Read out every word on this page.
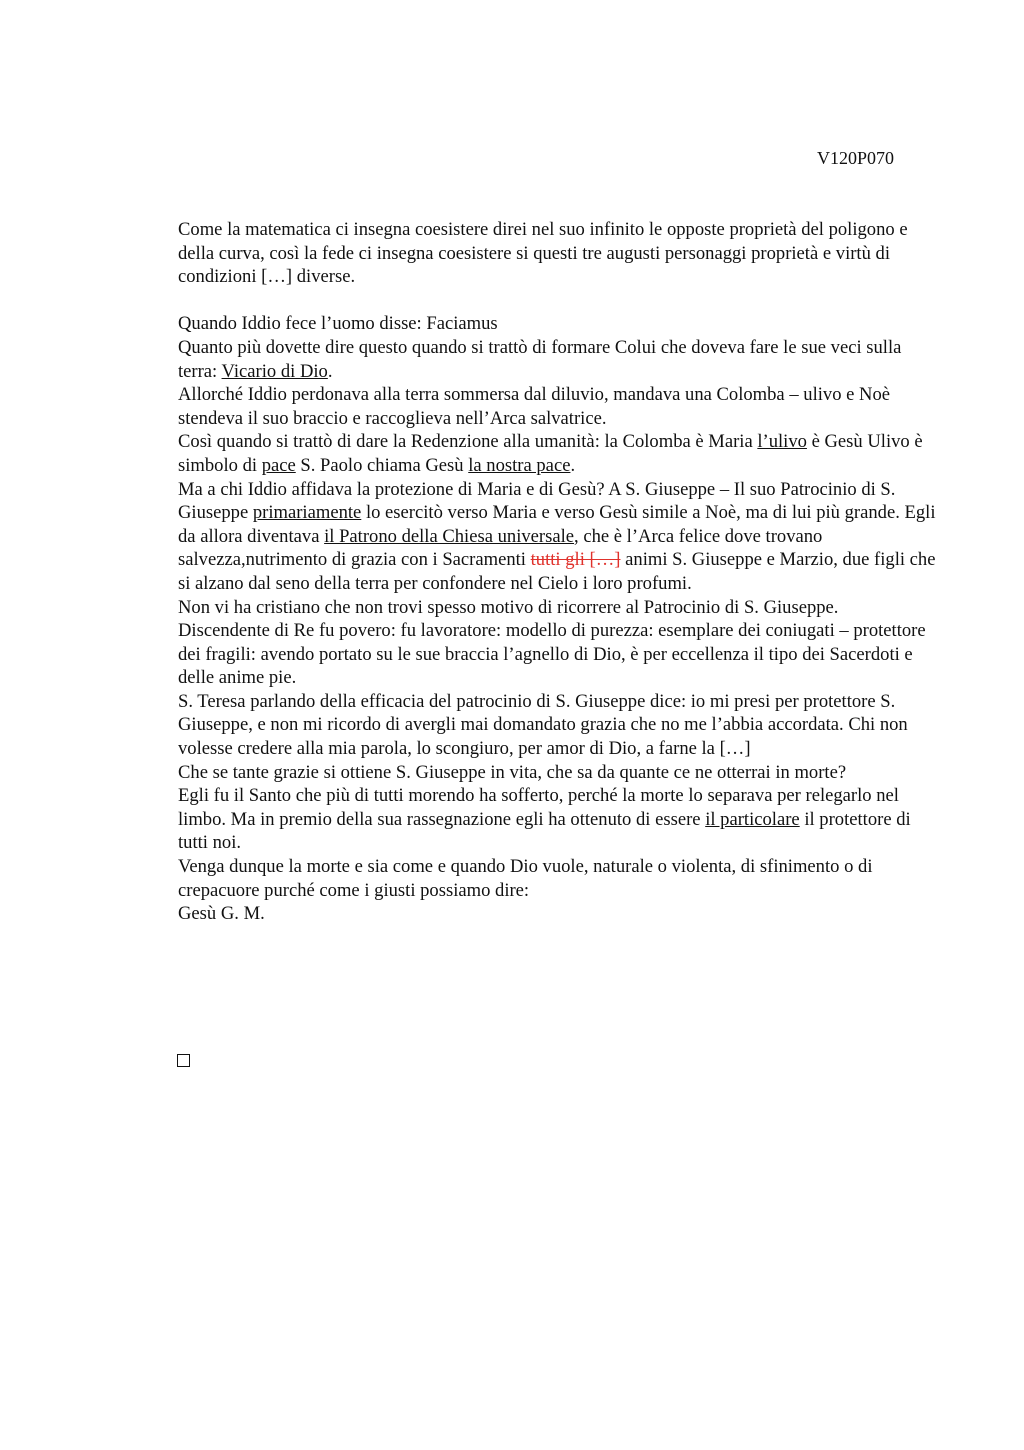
V120P070

Come la matematica ci insegna coesistere direi nel suo infinito le opposte proprietà del poligono e della curva, così la fede ci insegna coesistere si questi tre augusti personaggi proprietà e virtù di condizioni […] diverse.

Quando Iddio fece l’uomo disse: Faciamus

Quanto più dovette dire questo quando si trattò di formare Colui che doveva fare le sue veci sulla terra: Vicario di Dio.

Allorché Iddio perdonava alla terra sommersa dal diluvio, mandava una Colomba – ulivo e Noè stendeva il suo braccio e raccoglieva nell’Arca salvatrice.

Così quando si trattò di dare la Redenzione alla umanità: la Colomba è Maria l’ulivo è Gesù Ulivo è simbolo di pace S. Paolo chiama Gesù la nostra pace.

Ma a chi Iddio affidava la protezione di Maria e di Gesù? A S. Giuseppe – Il suo Patrocinio di S. Giuseppe primariamente lo esercitò verso Maria e verso Gesù simile a Noè, ma di lui più grande. Egli da allora diventava il Patrono della Chiesa universale, che è l’Arca felice dove trovano salvezza,nutrimento di grazia con i Sacramenti tutti gli […] animi S. Giuseppe e Marzio, due figli che si alzano dal seno della terra per confondere nel Cielo i loro profumi.

Non vi ha cristiano che non trovi spesso motivo di ricorrere al Patrocinio di S. Giuseppe.

Discendente di Re fu povero: fu lavoratore: modello di purezza: esemplare dei coniugati – protettore dei fragili: avendo portato su le sue braccia l’agnello di Dio, è per eccellenza il tipo dei Sacerdoti e delle anime pie.

S. Teresa parlando della efficacia del patrocinio di S. Giuseppe dice: io mi presi per protettore S. Giuseppe, e non mi ricordo di avergli mai domandato grazia che no me l’abbia accordata. Chi non volesse credere alla mia parola, lo scongiuro, per amor di Dio, a farne la […]

Che se tante grazie si ottiene S. Giuseppe in vita, che sa da quante ce ne otterrai in morte?

Egli fu il Santo che più di tutti morendo ha sofferto, perché la morte lo separava per relegarlo nel limbo. Ma in premio della sua rassegnazione egli ha ottenuto di essere il particolare il protettore di tutti noi.

Venga dunque la morte e sia come e quando Dio vuole, naturale o violenta, di sfinimento o di crepacuore purché come i giusti possiamo dire:

Gesù G. M.
